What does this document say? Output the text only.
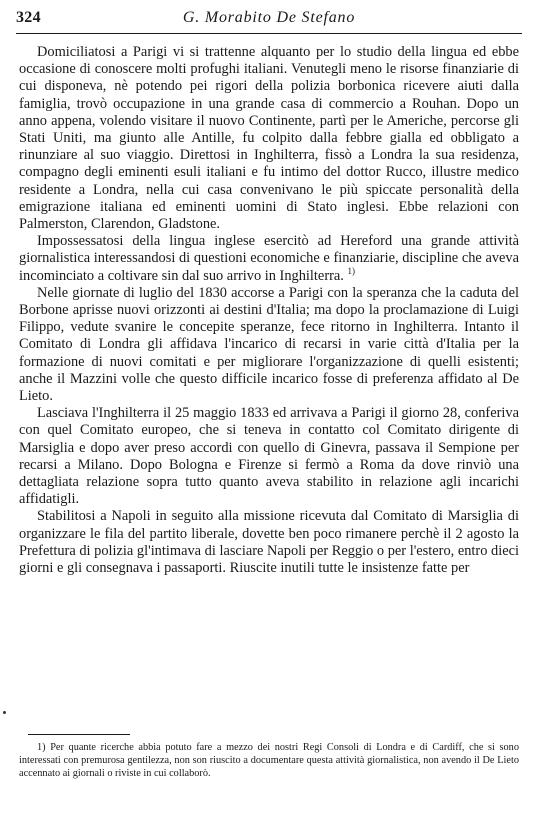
324	G. Morabito De Stefano

Domiciliatosi a Parigi vi si trattenne alquanto per lo studio della lingua ed ebbe occasione di conoscere molti profughi italiani. Venutegli meno le risorse finanziarie di cui disponeva, nè potendo pei rigori della polizia borbonica ricevere aiuti dalla famiglia, trovò occupazione in una grande casa di commercio a Rouhan. Dopo un anno appena, volendo visitare il nuovo Continente, partì per le Americhe, percorse gli Stati Uniti, ma giunto alle Antille, fu colpito dalla febbre gialla ed obbligato a rinunziare al suo viaggio. Direttosi in Inghilterra, fissò a Londra la sua residenza, compagno degli eminenti esuli italiani e fu intimo del dottor Rucco, illustre medico residente a Londra, nella cui casa convenivano le più spiccate personalità della emigrazione italiana ed eminenti uomini di Stato inglesi. Ebbe relazioni con Palmerston, Clarendon, Gladstone.

Impossessatosi della lingua inglese esercitò ad Hereford una grande attività giornalistica interessandosi di questioni economiche e finanziarie, discipline che aveva incominciato a coltivare sin dal suo arrivo in Inghilterra. $^{1)}$

Nelle giornate di luglio del 1830 accorse a Parigi con la speranza che la caduta del Borbone aprisse nuovi orizzonti ai destini d'Italia; ma dopo la proclamazione di Luigi Filippo, vedute svanire le concepite speranze, fece ritorno in Inghilterra. Intanto il Comitato di Londra gli affidava l'incarico di recarsi in varie città d'Italia per la formazione di nuovi comitati e per migliorare l'organizzazione di quelli esistenti; anche il Mazzini volle che questo difficile incarico fosse di preferenza affidato al De Lieto.

Lasciava l'Inghilterra il 25 maggio 1833 ed arrivava a Parigi il giorno 28, conferiva con quel Comitato europeo, che si teneva in contatto col Comitato dirigente di Marsiglia e dopo aver preso accordi con quello di Ginevra, passava il Sempione per recarsi a Milano. Dopo Bologna e Firenze si fermò a Roma da dove rinviò una dettagliata relazione sopra tutto quanto aveva stabilito in relazione agli incarichi affidatigli.

Stabilitosi a Napoli in seguito alla missione ricevuta dal Comitato di Marsiglia di organizzare le fila del partito liberale, dovette ben poco rimanere perchè il 2 agosto la Prefettura di polizia gl'intimava di lasciare Napoli per Reggio o per l'estero, entro dieci giorni e gli consegnava i passaporti. Riuscite inutili tutte le insistenze fatte per

1) Per quante ricerche abbia potuto fare a mezzo dei nostri Regi Consoli di Londra e di Cardiff, che si sono interessati con premurosa gentilezza, non son riuscito a documentare questa attività giornalistica, non avendo il De Lieto accennato ai giornali o riviste in cui collaborò.
